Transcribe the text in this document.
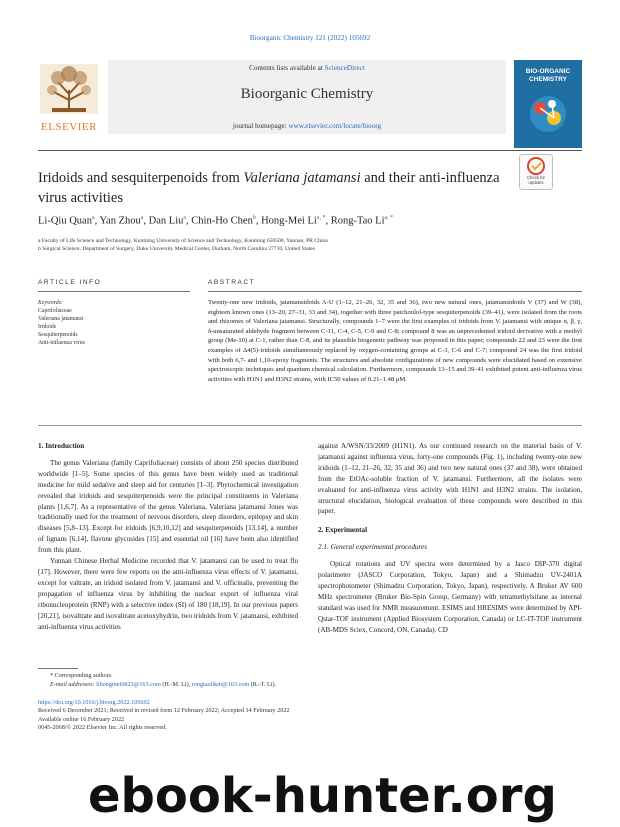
Bioorganic Chemistry 121 (2022) 105692
ELSEVIER
Contents lists available at ScienceDirect
Bioorganic Chemistry
journal homepage: www.elsevier.com/locate/bioorg
BIO-ORGANIC CHEMISTRY
Check for updates
Iridoids and sesquiterpenoids from Valeriana jatamansi and their anti-influenza virus activities
Li-Qiu Quan$^a$, Yan Zhou$^a$, Dan Liu$^a$, Chin-Ho Chen$^b$, Hong-Mei $Li^{a, *}$, Rong-Tao $Li^{a, *}$
a Faculty of Life Science and Technology, Kunming University of Science and Technology, Kunming 650500, Yunnan, PR China
b Surgical Science, Department of Surgery, Duke University Medical Center, Durham, North Carolina 27710, United States
ARTICLE INFO	ABSTRACT
Keywords:
Caprifoliaceae
Valeriana jatamansi
Iridoids
Sesquiterpenoids
Anti-influenza virus
Twenty-one new iridoids, jatamansidoids A-U (1–12, 21–26, 32, 35 and 36), two new natural ones, jatamansidoids V (37) and W (38), eighteen known ones (13–20, 27–31, 33 and 34), together with three patchoulol-type sesquiterpenoids (39–41), were isolated from the roots and rhizomes of Valeriana jatamansi. Structurally, compounds 1–7 were the first examples of iridoids from V. jatamansi with unique α, β, γ, δ-unsaturated aldehyde fragment between C-11, C-4, C-5, C-9 and C-8; compound 8 was an unprecedented iridoid derivative with a methyl group (Me-10) at C-1, rather than C-8, and its plausible biogenetic pathway was proposed in this paper; compounds 22 and 23 were the first examples of Δ4(5)-iridoids simultaneously replaced by oxygen-containing groups at C-3, C-6 and C-7; compound 24 was the first iridoid with both 6,7- and 1,10-epoxy fragments. The structures and absolute configurations of new compounds were elucidated based on extensive spectroscopic techniques and quantum chemical calculation. Furthermore, compounds 13–15 and 39–41 exhibited potent anti-influenza virus activities with H1N1 and H3N2 strains, with IC50 values of 0.21–1.48 μM.
1. Introduction

The genus Valeriana (family Caprifoliaceae) consists of about 250 species distributed worldwide [1–5]. Some species of this genus have been widely used as traditional medicine for mild sedative and sleep aid for centuries [1–3]. Phytochemical investigation revealed that iridoids and sesquiterpenoids were the principal constituents in Valeriana plants [1,6,7]. As a representative of the genus Valeriana, Valeriana jatamansi Jones was traditionally used for the treatment of nervous disorders, sleep disorders, epilepsy and skin diseases [5,8–13]. Except for iridoids [6,9,10,12] and sesquiterpenoids [13,14], a number of lignans [6,14], flavone glycosides [15] and essential oil [16] have been also identified from this plant.

Yunnan Chinese Herbal Medicine recorded that V. jatamansi can be used to treat flu [17]. However, there were few reports on the anti-influenza virus effects of V. jatamansi, except for valtrate, an iridoid isolated from V. jatamansi and V. officinalis, preventing the propagation of influenza virus by inhibiting the nuclear export of influenza viral ribonucleoprotein (RNP) with a selective index (SI) of 180 [18,19]. In our previous papers [20,21], isovaltrate and isovaltrate acetoxyhydrin, two iridoids from V. jatamansi, exhibited anti-influenza virus activities

against A/WSN/33/2009 (H1N1). As our continued research on the material basis of V. jatamansi against influenza virus, forty-one compounds (Fig. 1), including twenty-one new iridoids (1–12, 21–26, 32, 35 and 36) and two new natural ones (37 and 38), were obtained from the EtOAc-soluble fraction of V. jatamansi. Furthermore, all the isolates were evaluated for anti-influenza virus activity with H1N1 and H3N2 strains. The isolation, structural elucidation, biological evaluation of these compounds were described in this paper.

2. Experimental
2.1. General experimental procedures

Optical rotations and UV spectra were determined by a Jasco DIP-370 digital polarimeter (JASCO Corporation, Tokyo, Japan) and a Shimadzu UV-2401A spectrophotometer (Shimadzu Corporation, Tokyo, Japan), respectively. A Bruker AV 600 MHz spectrometer (Bruker Bio-Spin Group, Germany) with tetramethylsilane as internal standard was used for NMR measurement. ESIMS and HRESIMS were determined by API-Qstar-TOF instrument (Applied Biosystem Corporation, Canada) or LC-IT-TOF instrument (AB-MDS Sciex, Concord, ON, Canada). CD

* Corresponding authors.
E-mail addresses: lihongmei0823@163.com (H.-M. Li), rongtaolikm@163.com (R.-T. Li).
https://doi.org/10.1016/j.bioorg.2022.105692
Received 6 December 2021; Received in revised form 12 February 2022; Accepted 14 February 2022
Available online 16 February 2022
0045-2068/© 2022 Elsevier Inc. All rights reserved.
ebook-hunter.org
